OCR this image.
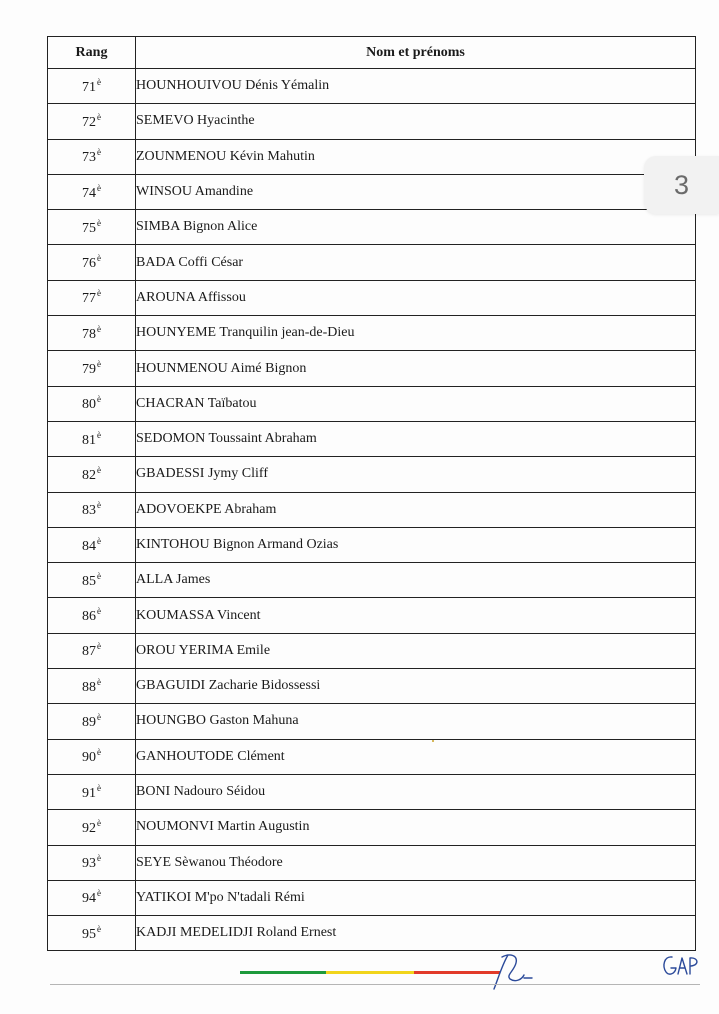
Rang	Nom et prénoms
$71^è$	HOUNHOUIVOU Dénis Yémalin
$72^è$	SEMEVO Hyacinthe
$73^è$	ZOUNMENOU Kévin Mahutin
$74^è$	WINSOU Amandine
$75^è$	SIMBA Bignon Alice
$76^è$	BADA Coffi César
$77^è$	AROUNA Affissou
$78^è$	HOUNYEME Tranquilin jean-de-Dieu
$79^è$	HOUNMENOU Aimé Bignon
$80^è$	CHACRAN Taïbatou
$81^è$	SEDOMON Toussaint Abraham
$82^è$	GBADESSI Jymy Cliff
$83^è$	ADOVOEKPE Abraham
$84^è$	KINTOHOU Bignon Armand Ozias
$85^è$	ALLA James
$86^è$	KOUMASSA Vincent
$87^è$	OROU YERIMA Emile
$88^è$	GBAGUIDI Zacharie Bidossessi
$89^è$	HOUNGBO Gaston Mahuna
$90^è$	GANHOUTODE Clément
$91^è$	BONI Nadouro Séidou
$92^è$	NOUMONVI Martin Augustin
$93^è$	SEYE Sèwanou Théodore
$94^è$	YATIKOI M'po N'tadali Rémi
$95^è$	KADJI MEDELIDJI Roland Ernest
3
